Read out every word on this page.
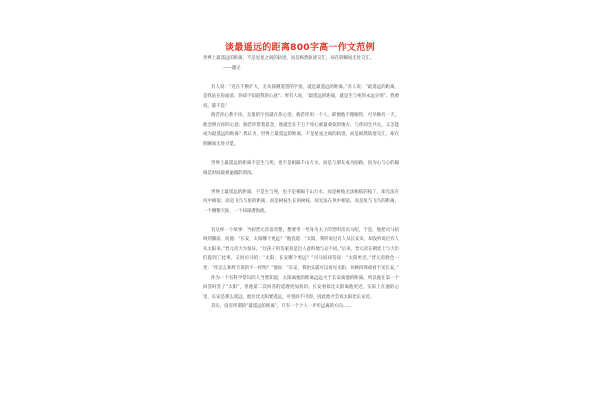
谈最遥远的距离800字高一作文范例

世界上最遥远的距离，不是星星之间的轨迹，而是纵然轨迹交汇，却在转瞬间无处交汇。

——题记

有人说：“近在不断扩大，无从探测遥望的宇宙，就是最遥远的距离。”有人说：“最遥远的距离，是我站在你面前，你却不知道我的心意”；更有人说，“最遥远的距离，就是生与死的永远分别”。我要说，都不是！

倘若你心系宇宙，无垠的宇宙就在你心里；倘若你用一个人，即便他不理解你，可早晚有一天，他会明白你的心意；倘若你带着思念，他就会在千万个你心底最柔软的地方，与你同生共灭。又怎能成为最遥远的距离？我认为，世界上最遥远的距离，不是星星之间的轨迹，而是纵然轨迹交汇，却在转瞬间无处寻觅。

世界上最遥远的距离不是生与死，也不是相隔千山万水，而是与朋友成为陌路，因为心与心的隔阂是时间最难逾越的鸿沟。

世界上最遥远的距离，不是生与死，也不是相隔千山万水，而是树枝无法相依的枝丫，却无法在风中相依；而是飞鸟与鱼的距离，而是树枝生长的树枝，却无法在风中相依，而是鱼与飞鸟的距离，一个翱翔天际，一个却深潜海底。

有这样一个故事：当初晋元帝发奇想，想要考一考身为太子的晋明帝司马绍，于是，他把司马绍叫到膝前，问他：“长安，太阳哪个更远？”他答道：“太阳，我听说过有人从长安来，却没听说过有人从太阳来。”晋元帝大为惊异。“这孩子的答案真是出人意料地与众不同。”后来，晋元帝在朝廷上与大臣们提到了此事，又问司马绍：“太阳，长安哪个更远？”司马绍却答说：“太阳更近。”晋元帝脸色一变：“你怎么和昨天说的不一样呢？”他说：“长安，我抬头就可以看见太阳，环顾四周却看不见长安。”

作为一个有科学常识的人当然知道，太阳离他的距离远远大于长安离他的距离。所以他在第一个回答时答了“太阳”，但他第二次回答的道理更加真切。长安看似比太阳离他更近，实际上在他的心里，长安是那么遥远。他位比太阳要遥远，可望而不可即，因此他才会说太阳比长安近。

其实，没有所谓的“最遥远的距离”，只有一个个人一步步远离的方向……
